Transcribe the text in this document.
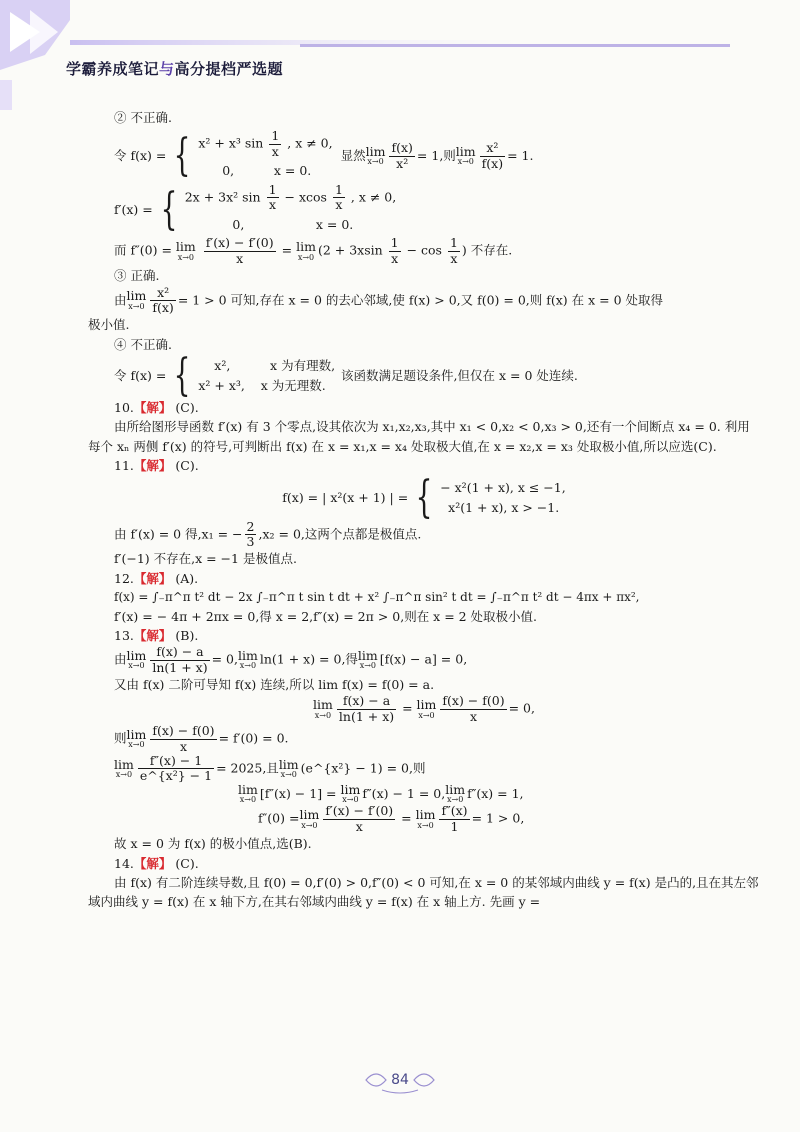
学霸养成笔记与高分提档严选题
② 不正确.
令 f(x) = { x² + x³ $\sin \frac{1}{x}$ , x ≠ 0,
0,	x = 0.
显然 lim
$x\to 0 \frac{f(x)}{\text{x²}} = 1$,则 lim
$x\to 0 \frac{\text{x²}}{f(x)} = 1$.
f′(x) = { 2x + 3x² $\sin \frac{1}{x} - xcos \frac{1}{x}$ , x ≠ 0,
0,	x = 0.
而 f″(0) = lim
x→0
$\frac{f'(x) - f'(0)}{x} = \lim$
x→0 ($2 + 3xsin \frac{1}{x} - \cos \frac{1}{x}$ ) 不存在.
③ 正确.
由 lim
$x\to 0 \frac{\text{x²}}{f(x)} = 1 > 0$ 可知,存在 x = 0 的去心邻域,使 f(x) > 0,又 f(0) = 0,则 f(x) 在 x = 0 处取得
极小值.
④ 不正确.
令 f(x) = {	x²,	x 为有理数,
x² + x³, x 为无理数.
该函数满足题设条件,但仅在 x = 0 处连续.
10.【解】 (C).
由所给图形导函数 f′(x) 有 3 个零点,设其依次为 x₁,x₂,x₃,其中 x₁ < 0,x₂ < 0,x₃ > 0,还有一个间断点 x₄ = 0. 利用每个 xₙ 两侧 f′(x) 的符号,可判断出 f(x) 在 x = x₁,x = x₄ 处取极大值,在 x = x₂,x = x₃ 处取极小值,所以应选(C).
11.【解】 (C).
f(x) = | x²(x + 1) | = { − x²(1 + x), x ≤ −1,
x²(1 + x), x > −1.
由 f′(x) = 0 得,x₁ = − $\frac{2}{3} ,x_2 = 0$,这两个点都是极值点.
f′(−1) 不存在,x = −1 是极值点.
12.【解】 (A).
f(x) = ∫₋π^π t² dt − 2x ∫₋π^π t sin t dt + x² ∫₋π^π sin² t dt = ∫₋π^π t² dt − 4πx + πx²,
f′(x) = − 4π + 2πx = 0,得 x = 2,f″(x) = 2π > 0,则在 x = 2 处取极小值.
13.【解】 (B).
由 lim
$x\to 0 \frac{f(x) - a}{\ln(1 + x)} = 0$, lim
x→0 ln(1 + x) = 0,得 lim
x→0 [f(x) − a] = 0,
又由 f(x) 二阶可导知 f(x) 连续,所以 lim f(x) = f(0) = a.
lim
$x\to 0 \frac{f(x) - a}{\ln(1 + x)} = \lim$
$x\to 0 \frac{f(x) - f(0)}{x} = 0$,
则 lim
$x\to 0 \frac{f(x) - f(0)}{x} = f'(0) = 0$.
lim
$x\to 0 \frac{f''(x) - 1}{\text{e\textasciicircum{}\{x²\} − 1}} = 2025$,且 lim
x→0 (e^{x²} − 1) = 0,则
lim
x→0 [f″(x) − 1] = lim
x→0 f″(x) − 1 = 0, lim
x→0 f″(x) = 1,
f″(0) = lim
$x\to 0 \frac{f'(x) - f'(0)}{x} = \lim$
$x\to 0 \frac{f''(x)}{1} = 1 > 0$,
故 x = 0 为 f(x) 的极小值点,选(B).
14.【解】 (C).
由 f(x) 有二阶连续导数,且 f(0) = 0,f′(0) > 0,f″(0) < 0 可知,在 x = 0 的某邻域内曲线 y = f(x) 是凸的,且在其左邻域内曲线 y = f(x) 在 x 轴下方,在其右邻域内曲线 y = f(x) 在 x 轴上方. 先画 y =
84
